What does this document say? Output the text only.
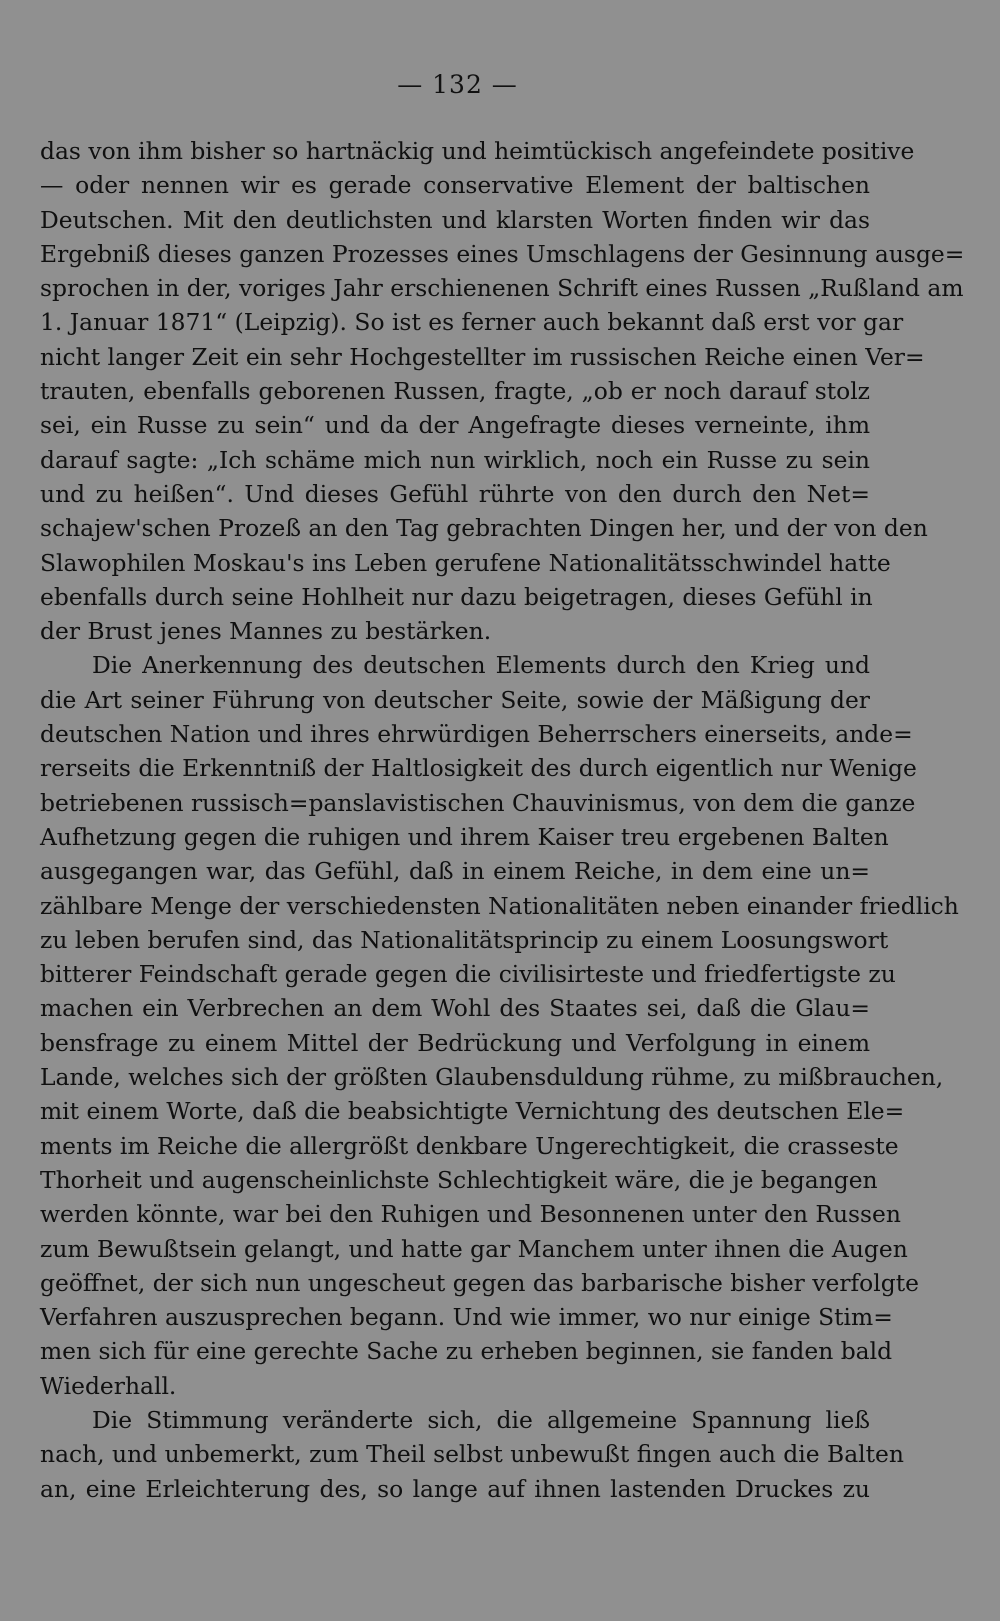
— 132 —
das von ihm bisher so hartnäckig und heimtückisch angefeindete positive
— oder nennen wir es gerade conservative Element der baltischen
Deutschen. Mit den deutlichsten und klarsten Worten finden wir das
Ergebniß dieses ganzen Prozesses eines Umschlagens der Gesinnung ausge=
sprochen in der, voriges Jahr erschienenen Schrift eines Russen „Rußland am
1. Januar 1871“ (Leipzig). So ist es ferner auch bekannt daß erst vor gar
nicht langer Zeit ein sehr Hochgestellter im russischen Reiche einen Ver=
trauten, ebenfalls geborenen Russen, fragte, „ob er noch darauf stolz
sei, ein Russe zu sein“ und da der Angefragte dieses verneinte, ihm
darauf sagte: „Ich schäme mich nun wirklich, noch ein Russe zu sein
und zu heißen“. Und dieses Gefühl rührte von den durch den Net=
schajew'schen Prozeß an den Tag gebrachten Dingen her, und der von den
Slawophilen Moskau's ins Leben gerufene Nationalitätsschwindel hatte
ebenfalls durch seine Hohlheit nur dazu beigetragen, dieses Gefühl in
der Brust jenes Mannes zu bestärken.
Die Anerkennung des deutschen Elements durch den Krieg und
die Art seiner Führung von deutscher Seite, sowie der Mäßigung der
deutschen Nation und ihres ehrwürdigen Beherrschers einerseits, ande=
rerseits die Erkenntniß der Haltlosigkeit des durch eigentlich nur Wenige
betriebenen russisch=panslavistischen Chauvinismus, von dem die ganze
Aufhetzung gegen die ruhigen und ihrem Kaiser treu ergebenen Balten
ausgegangen war, das Gefühl, daß in einem Reiche, in dem eine un=
zählbare Menge der verschiedensten Nationalitäten neben einander friedlich
zu leben berufen sind, das Nationalitätsprincip zu einem Loosungswort
bitterer Feindschaft gerade gegen die civilisirteste und friedfertigste zu
machen ein Verbrechen an dem Wohl des Staates sei, daß die Glau=
bensfrage zu einem Mittel der Bedrückung und Verfolgung in einem
Lande, welches sich der größten Glaubensduldung rühme, zu mißbrauchen,
mit einem Worte, daß die beabsichtigte Vernichtung des deutschen Ele=
ments im Reiche die allergrößt denkbare Ungerechtigkeit, die crasseste
Thorheit und augenscheinlichste Schlechtigkeit wäre, die je begangen
werden könnte, war bei den Ruhigen und Besonnenen unter den Russen
zum Bewußtsein gelangt, und hatte gar Manchem unter ihnen die Augen
geöffnet, der sich nun ungescheut gegen das barbarische bisher verfolgte
Verfahren auszusprechen begann. Und wie immer, wo nur einige Stim=
men sich für eine gerechte Sache zu erheben beginnen, sie fanden bald
Wiederhall.
Die Stimmung veränderte sich, die allgemeine Spannung ließ
nach, und unbemerkt, zum Theil selbst unbewußt fingen auch die Balten
an, eine Erleichterung des, so lange auf ihnen lastenden Druckes zu
